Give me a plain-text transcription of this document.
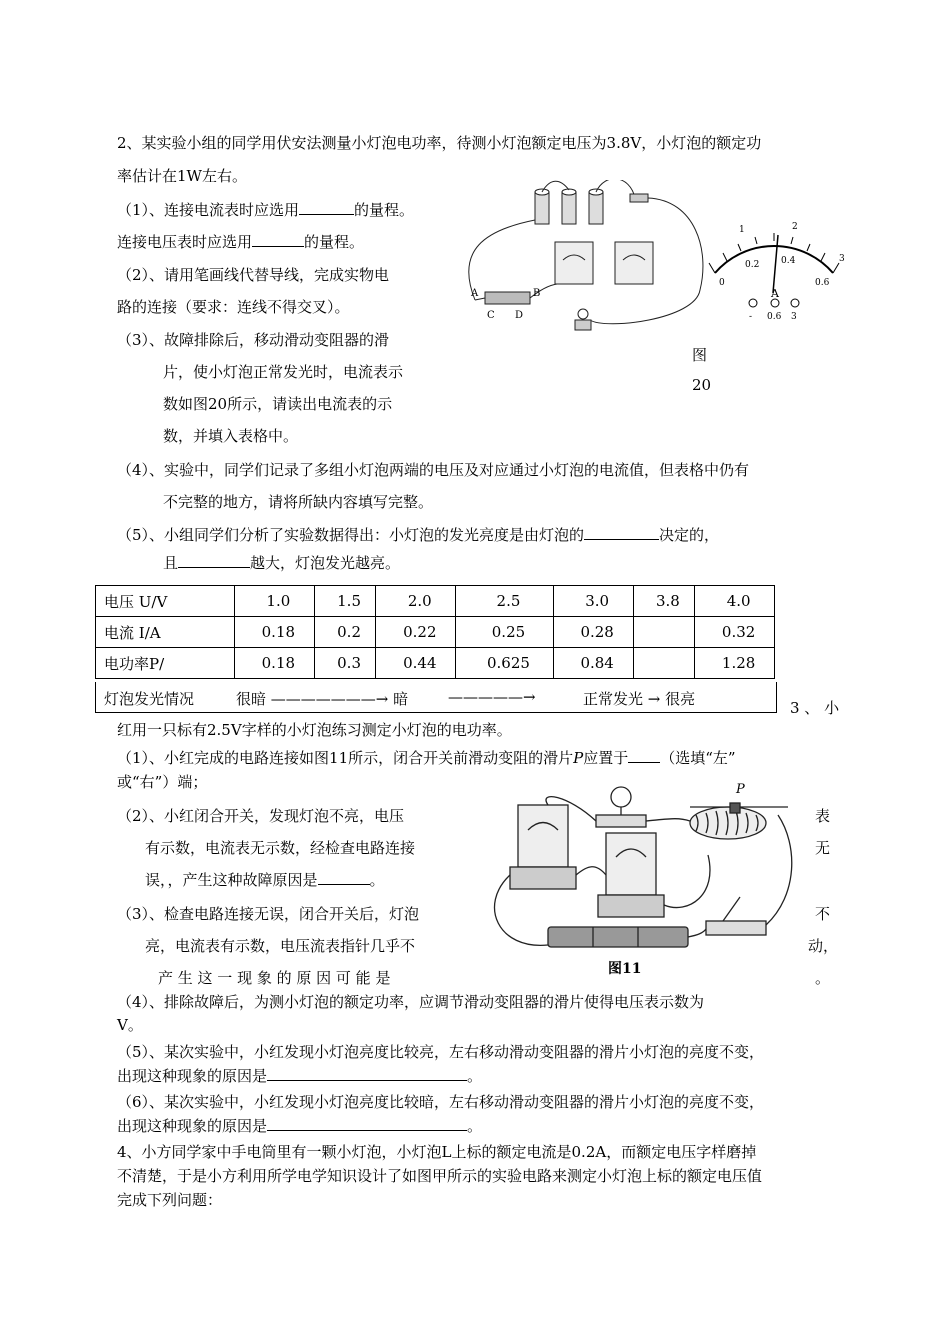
2、某实验小组的同学用伏安法测量小灯泡电功率，待测小灯泡额定电压为3.8V，小灯泡的额定功
率估计在1W左右。
（1）、连接电流表时应选用	的量程。
连接电压表时应选用	的量程。
（2）、请用笔画线代替导线，完成实物电
路的连接（要求：连线不得交叉）。
（3）、故障排除后，移动滑动变阻器的滑
片，使小灯泡正常发光时，电流表示
数如图20所示，请读出电流表的示
数，并填入表格中。
（4）、实验中，同学们记录了多组小灯泡两端的电压及对应通过小灯泡的电流值，但表格中仍有
不完整的地方，请将所缺内容填写完整。
（5）、小组同学们分析了实验数据得出：小灯泡的发光亮度是由灯泡的	决定的，
且	越大，灯泡发光越亮。
A	B
C D
0
1	2
3
0.2 0.4
0.6
A
- 0.6 3
图
20
电压 U/V	1.0	1.5	2.0	2.5	3.0	3.8	4.0
电流 I/A	0.18	0.2	0.22	0.25	0.28		0.32
电功率P/	0.18	0.3	0.44	0.625	0.84		1.28
灯泡发光情况	很暗 ———————→ 暗	—————→	正常发光 → 很亮	3 、 小
红用一只标有2.5V字样的小灯泡练习测定小灯泡的电功率。
（1）、小红完成的电路连接如图11所示，闭合开关前滑动变阻的滑片P应置于 （选填“左”
或“右”）端；
（2）、小红闭合开关，发现灯泡不亮，电压	表
有示数，电流表无示数，经检查电路连接	无
误，，产生这种故障原因是	。
（3）、检查电路连接无误，闭合开关后，灯泡	不
亮，电流表有示数，电压流表指针几乎不	动，
产 生 这 一 现 象 的 原 因 可 能 是	。
P
图11
（4）、排除故障后，为测小灯泡的额定功率，应调节滑动变阻器的滑片使得电压表示数为
V。
（5）、某次实验中，小红发现小灯泡亮度比较亮，左右移动滑动变阻器的滑片小灯泡的亮度不变，
出现这种现象的原因是	。
（6）、某次实验中，小红发现小灯泡亮度比较暗，左右移动滑动变阻器的滑片小灯泡的亮度不变，
出现这种现象的原因是	。
4、小方同学家中手电筒里有一颗小灯泡，小灯泡L上标的额定电流是0.2A，而额定电压字样磨掉
不清楚，于是小方利用所学电学知识设计了如图甲所示的实验电路来测定小灯泡上标的额定电压值
完成下列问题：
